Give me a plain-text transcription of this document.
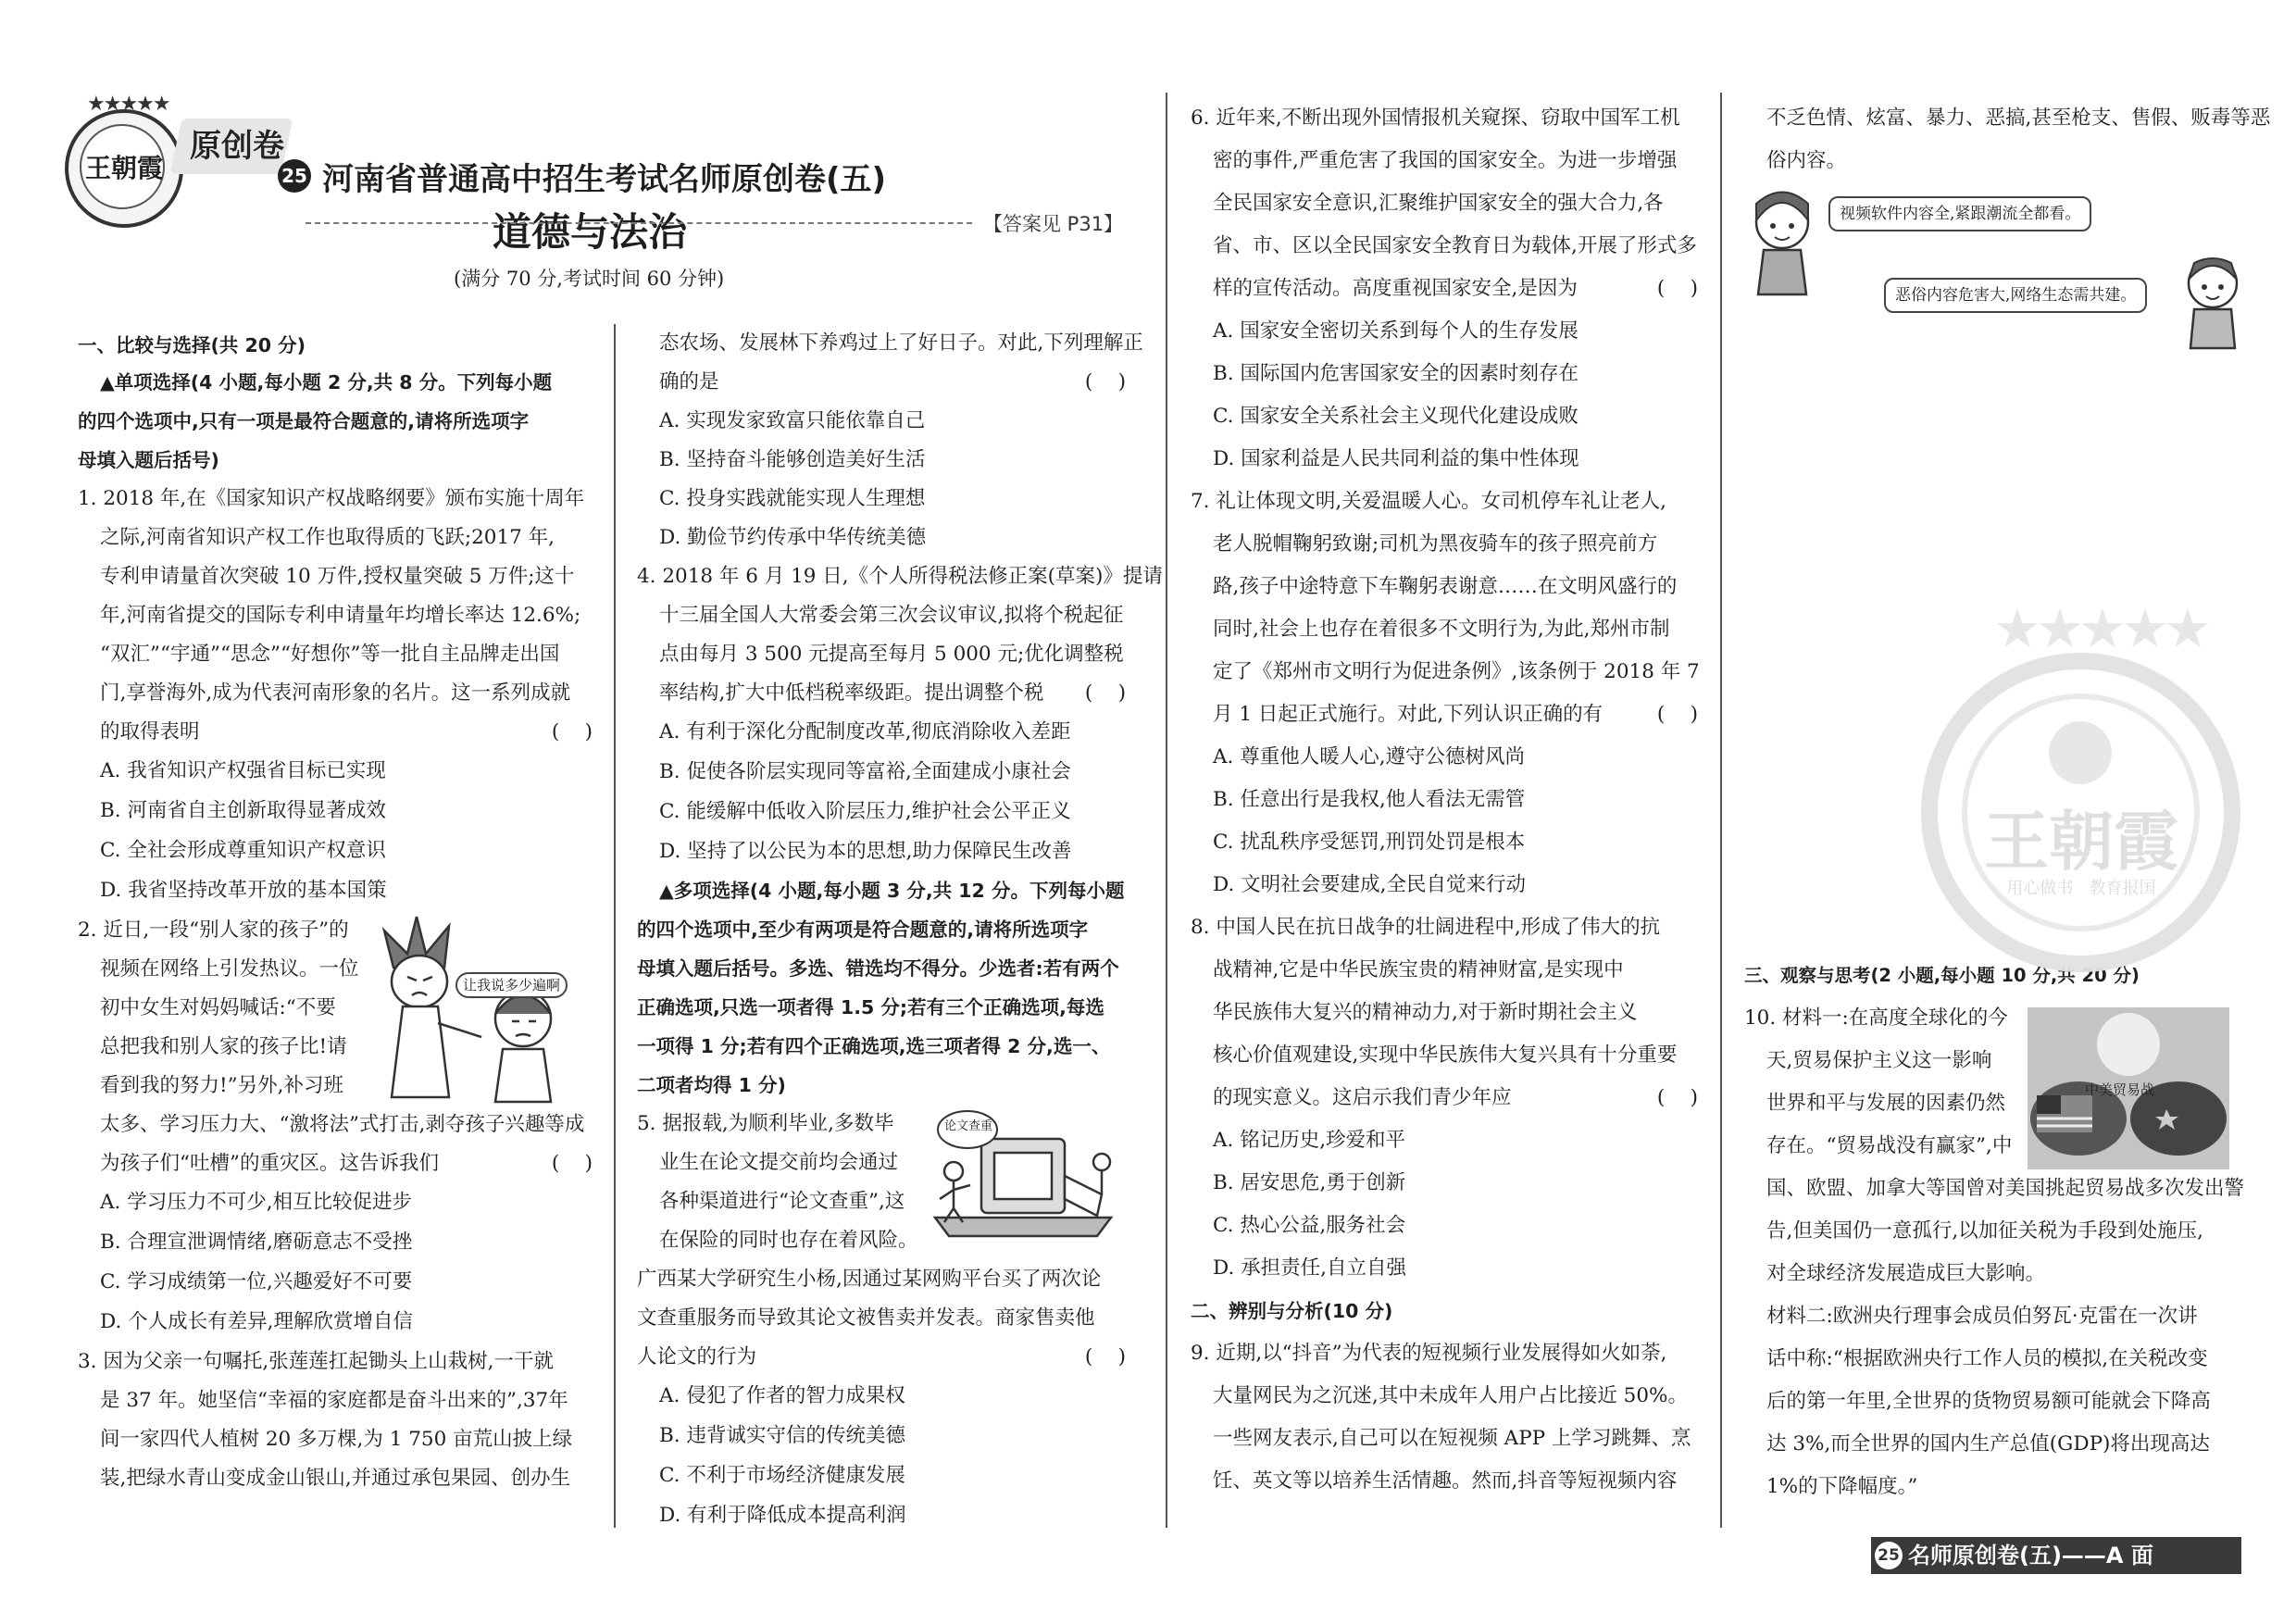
★★★★★
王朝霞
原创卷
25 河南省普通高中招生考试名师原创卷(五)
道德与法治	【答案见 P31】
(满分 70 分,考试时间 60 分钟)
一、比较与选择(共 20 分)
▲单项选择(4 小题,每小题 2 分,共 8 分。下列每小题
的四个选项中,只有一项是最符合题意的,请将所选项字
母填入题后括号)
1. 2018 年,在《国家知识产权战略纲要》颁布实施十周年
之际,河南省知识产权工作也取得质的飞跃;2017 年,
专利申请量首次突破 10 万件,授权量突破 5 万件;这十
年,河南省提交的国际专利申请量年均增长率达 12.6%;
“双汇”“宇通”“思念”“好想你”等一批自主品牌走出国
门,享誉海外,成为代表河南形象的名片。这一系列成就
的取得表明	(    )
A. 我省知识产权强省目标已实现
B. 河南省自主创新取得显著成效
C. 全社会形成尊重知识产权意识
D. 我省坚持改革开放的基本国策
2. 近日,一段“别人家的孩子”的
视频在网络上引发热议。一位
初中女生对妈妈喊话:“不要
总把我和别人家的孩子比!请
看到我的努力!”另外,补习班
太多、学习压力大、“激将法”式打击,剥夺孩子兴趣等成
为孩子们“吐槽”的重灾区。这告诉我们	(    )
A. 学习压力不可少,相互比较促进步
B. 合理宣泄调情绪,磨砺意志不受挫
C. 学习成绩第一位,兴趣爱好不可要
D. 个人成长有差异,理解欣赏增自信
3. 因为父亲一句嘱托,张莲莲扛起锄头上山栽树,一干就
是 37 年。她坚信“幸福的家庭都是奋斗出来的”,37年
间一家四代人植树 20 多万棵,为 1 750 亩荒山披上绿
装,把绿水青山变成金山银山,并通过承包果园、创办生
让我说多少遍啊
态农场、发展林下养鸡过上了好日子。对此,下列理解正
确的是	(    )
A. 实现发家致富只能依靠自己
B. 坚持奋斗能够创造美好生活
C. 投身实践就能实现人生理想
D. 勤俭节约传承中华传统美德
4. 2018 年 6 月 19 日,《个人所得税法修正案(草案)》提请
十三届全国人大常委会第三次会议审议,拟将个税起征
点由每月 3 500 元提高至每月 5 000 元;优化调整税
率结构,扩大中低档税率级距。提出调整个税	(    )
A. 有利于深化分配制度改革,彻底消除收入差距
B. 促使各阶层实现同等富裕,全面建成小康社会
C. 能缓解中低收入阶层压力,维护社会公平正义
D. 坚持了以公民为本的思想,助力保障民生改善
▲多项选择(4 小题,每小题 3 分,共 12 分。下列每小题
的四个选项中,至少有两项是符合题意的,请将所选项字
母填入题后括号。多选、错选均不得分。少选者:若有两个
正确选项,只选一项者得 1.5 分;若有三个正确选项,每选
一项得 1 分;若有四个正确选项,选三项者得 2 分,选一、
二项者均得 1 分)
5. 据报载,为顺利毕业,多数毕
业生在论文提交前均会通过
各种渠道进行“论文查重”,这
在保险的同时也存在着风险。
广西某大学研究生小杨,因通过某网购平台买了两次论
文查重服务而导致其论文被售卖并发表。商家售卖他
人论文的行为	(    )
A. 侵犯了作者的智力成果权
B. 违背诚实守信的传统美德
C. 不利于市场经济健康发展
D. 有利于降低成本提高利润
论文查重
6. 近年来,不断出现外国情报机关窥探、窃取中国军工机
密的事件,严重危害了我国的国家安全。为进一步增强
全民国家安全意识,汇聚维护国家安全的强大合力,各
省、市、区以全民国家安全教育日为载体,开展了形式多
样的宣传活动。高度重视国家安全,是因为	(    )
A. 国家安全密切关系到每个人的生存发展
B. 国际国内危害国家安全的因素时刻存在
C. 国家安全关系社会主义现代化建设成败
D. 国家利益是人民共同利益的集中性体现
7. 礼让体现文明,关爱温暖人心。女司机停车礼让老人,
老人脱帽鞠躬致谢;司机为黑夜骑车的孩子照亮前方
路,孩子中途特意下车鞠躬表谢意……在文明风盛行的
同时,社会上也存在着很多不文明行为,为此,郑州市制
定了《郑州市文明行为促进条例》,该条例于 2018 年 7
月 1 日起正式施行。对此,下列认识正确的有	(    )
A. 尊重他人暖人心,遵守公德树风尚
B. 任意出行是我权,他人看法无需管
C. 扰乱秩序受惩罚,刑罚处罚是根本
D. 文明社会要建成,全民自觉来行动
8. 中国人民在抗日战争的壮阔进程中,形成了伟大的抗
战精神,它是中华民族宝贵的精神财富,是实现中
华民族伟大复兴的精神动力,对于新时期社会主义
核心价值观建设,实现中华民族伟大复兴具有十分重要
的现实意义。这启示我们青少年应	(    )
A. 铭记历史,珍爱和平
B. 居安思危,勇于创新
C. 热心公益,服务社会
D. 承担责任,自立自强
二、辨别与分析(10 分)
9. 近期,以“抖音”为代表的短视频行业发展得如火如荼,
大量网民为之沉迷,其中未成年人用户占比接近 50%。
一些网友表示,自己可以在短视频 APP 上学习跳舞、烹
饪、英文等以培养生活情趣。然而,抖音等短视频内容
不乏色情、炫富、暴力、恶搞,甚至枪支、售假、贩毒等恶
俗内容。
三、观察与思考(2 小题,每小题 10 分,共 20 分)
10. 材料一:在高度全球化的今
天,贸易保护主义这一影响
世界和平与发展的因素仍然
存在。“贸易战没有赢家”,中
国、欧盟、加拿大等国曾对美国挑起贸易战多次发出警
告,但美国仍一意孤行,以加征关税为手段到处施压,
对全球经济发展造成巨大影响。
材料二:欧洲央行理事会成员伯努瓦·克雷在一次讲
话中称:“根据欧洲央行工作人员的模拟,在关税改变
后的第一年里,全世界的货物贸易额可能就会下降高
达 3%,而全世界的国内生产总值(GDP)将出现高达
1%的下降幅度。”
视频软件内容全,紧跟潮流全都看。
恶俗内容危害大,网络生态需共建。
★★★★★
王朝霞
用心做书   教育报国
中美贸易战
25 名师原创卷(五)——A 面
